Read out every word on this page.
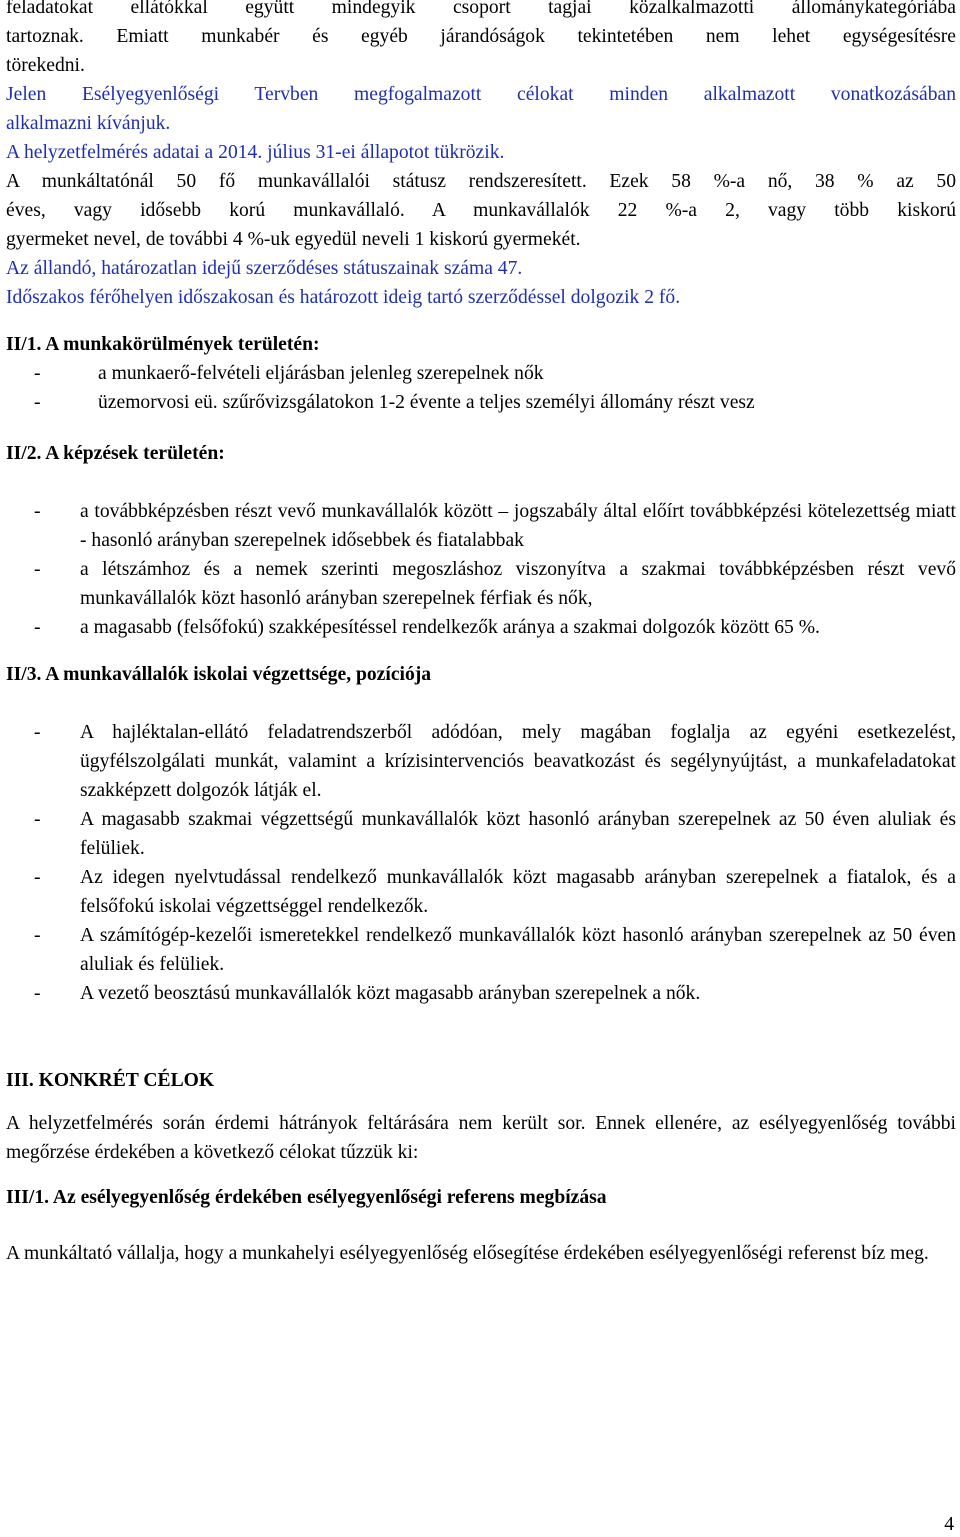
feladatokat ellátókkal együtt mindegyik csoport tagjai közalkalmazotti állománykategóriába

tartoznak. Emiatt munkabér és egyéb járandóságok tekintetében nem lehet egységesítésre

törekedni.

Jelen Esélyegyenlőségi Tervben megfogalmazott célokat minden alkalmazott vonatkozásában

alkalmazni kívánjuk.

A helyzetfelmérés adatai a 2014. július 31-ei állapotot tükrözik.

A munkáltatónál 50 fő munkavállalói státusz rendszeresített. Ezek 58 %-a nő, 38 % az 50

éves, vagy idősebb korú munkavállaló. A munkavállalók 22 %-a 2, vagy több kiskorú

gyermeket nevel, de további 4 %-uk egyedül neveli 1 kiskorú gyermekét.

Az állandó, határozatlan idejű szerződéses státuszainak száma 47.

Időszakos férőhelyen időszakosan és határozott ideig tartó szerződéssel dolgozik 2 fő.

II/1. A munkakörülmények területén:

-	a munkaerő-felvételi eljárásban jelenleg szerepelnek nők
-	üzemorvosi eü. szűrővizsgálatokon 1-2 évente a teljes személyi állomány részt vesz

II/2. A képzések területén:

- a továbbképzésben részt vevő munkavállalók között – jogszabály által előírt továbbképzési kötelezettség miatt - hasonló arányban szerepelnek idősebbek és fiatalabbak
- a létszámhoz és a nemek szerinti megoszláshoz viszonyítva a szakmai továbbképzésben részt vevő munkavállalók közt hasonló arányban szerepelnek férfiak és nők,
- a magasabb (felsőfokú) szakképesítéssel rendelkezők aránya a szakmai dolgozók között 65 %.

II/3. A munkavállalók iskolai végzettsége, pozíciója

- A hajléktalan-ellátó feladatrendszerből adódóan, mely magában foglalja az egyéni esetkezelést, ügyfélszolgálati munkát, valamint a krízisintervenciós beavatkozást és segélynyújtást, a munkafeladatokat szakképzett dolgozók látják el.
- A magasabb szakmai végzettségű munkavállalók közt hasonló arányban szerepelnek az 50 éven aluliak és felüliek.
- Az idegen nyelvtudással rendelkező munkavállalók közt magasabb arányban szerepelnek a fiatalok, és a felsőfokú iskolai végzettséggel rendelkezők.
- A számítógép-kezelői ismeretekkel rendelkező munkavállalók közt hasonló arányban szerepelnek az 50 éven aluliak és felüliek.
- A vezető beosztású munkavállalók közt magasabb arányban szerepelnek a nők.

III. KONKRÉT CÉLOK

A helyzetfelmérés során érdemi hátrányok feltárására nem került sor. Ennek ellenére, az esélyegyenlőség további megőrzése érdekében a következő célokat tűzzük ki:

III/1. Az esélyegyenlőség érdekében esélyegyenlőségi referens megbízása

A munkáltató vállalja, hogy a munkahelyi esélyegyenlőség elősegítése érdekében esélyegyenlőségi referenst bíz meg.

4
